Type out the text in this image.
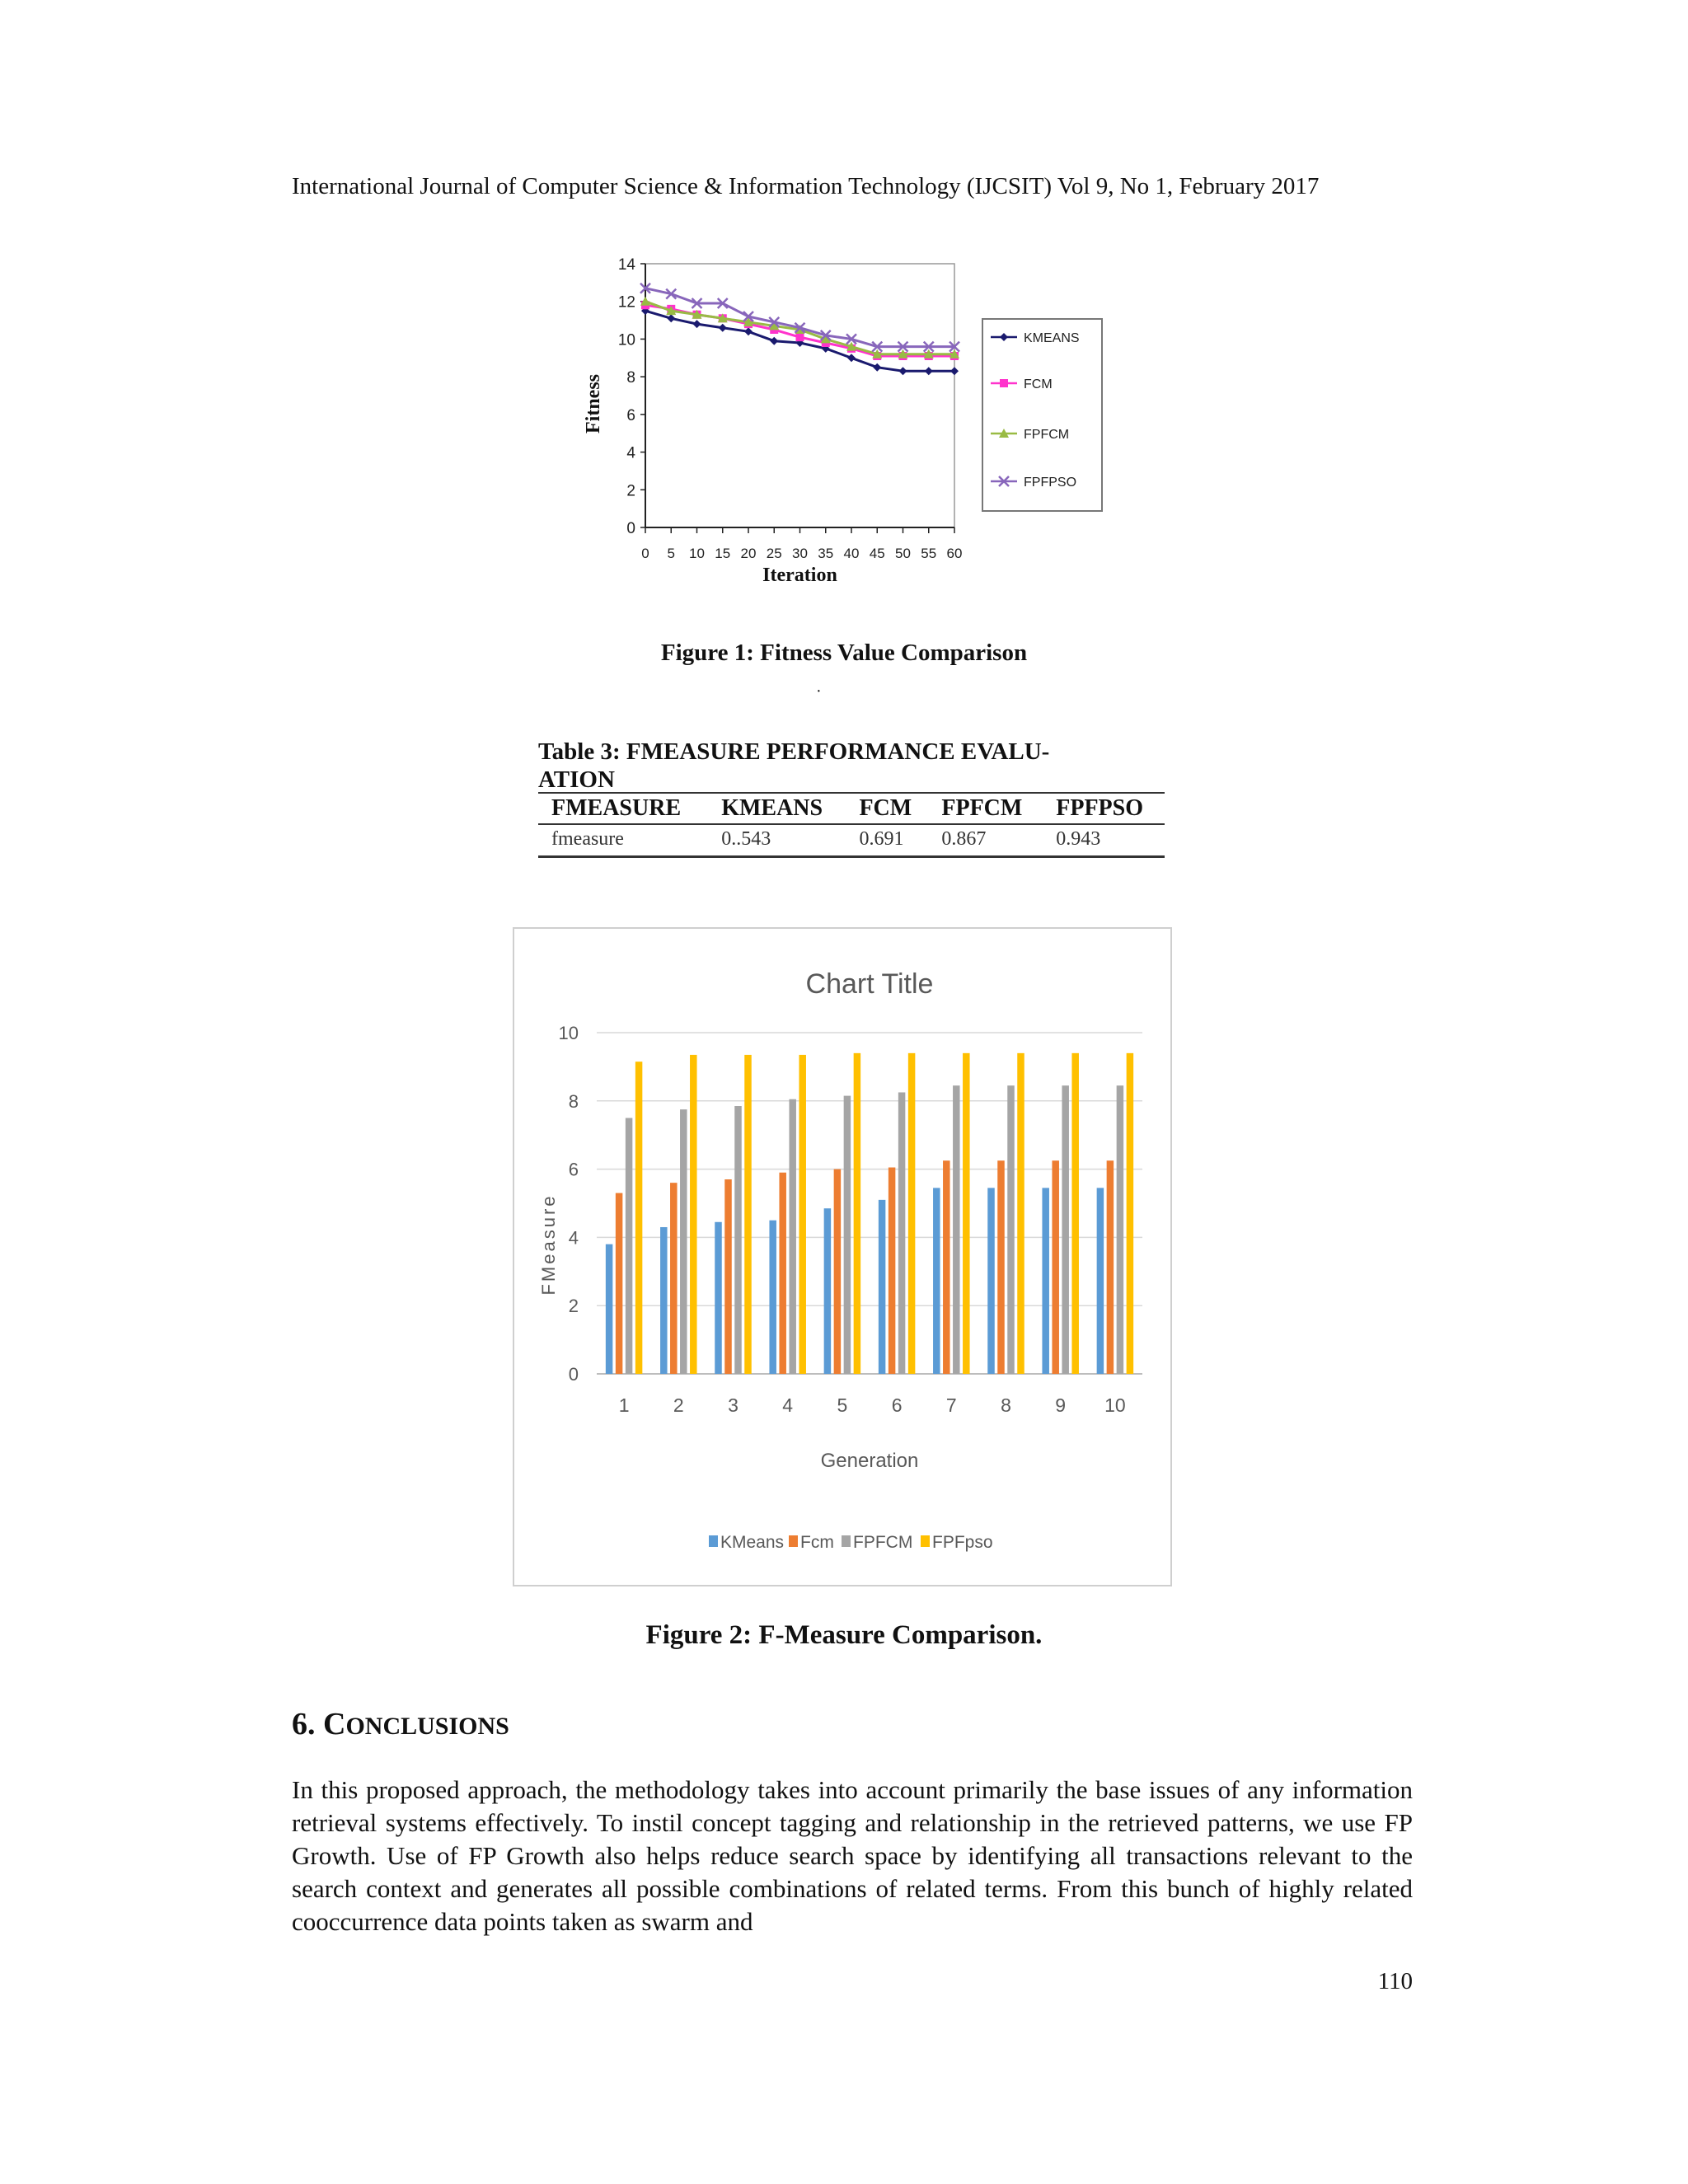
International Journal of Computer Science & Information Technology (IJCSIT) Vol 9, No 1, February 2017
0
2
4
6
8
10
12
14
0 5 10 15 20 25 30 35 40 45 50 55 60
Iteration
Fitness
KMEANS
FCM
FPFCM
FPFPSO
Figure 1: Fitness Value Comparison
·
Table 3: FMEASURE PERFORMANCE EVALU-
ATION
FMEASURE	KMEANS	FCM	FPFCM	FPFPSO
fmeasure	0..543	0.691	0.867	0.943
Chart Title
0
2
4
6
8
10
1 2 3 4 5 6 7 8 9 10
Generation
FMeasure
KMeans Fcm FPFCM FPFpso
Figure 2: F-Measure Comparison.
6. CONCLUSIONS
In this proposed approach, the methodology takes into account primarily the base issues of any information retrieval systems effectively. To instil concept tagging and relationship in the retrieved patterns, we use FP Growth. Use of FP Growth also helps reduce search space by identifying all transactions relevant to the search context and generates all possible combinations of related terms. From this bunch of highly related cooccurrence data points taken as swarm and
110
